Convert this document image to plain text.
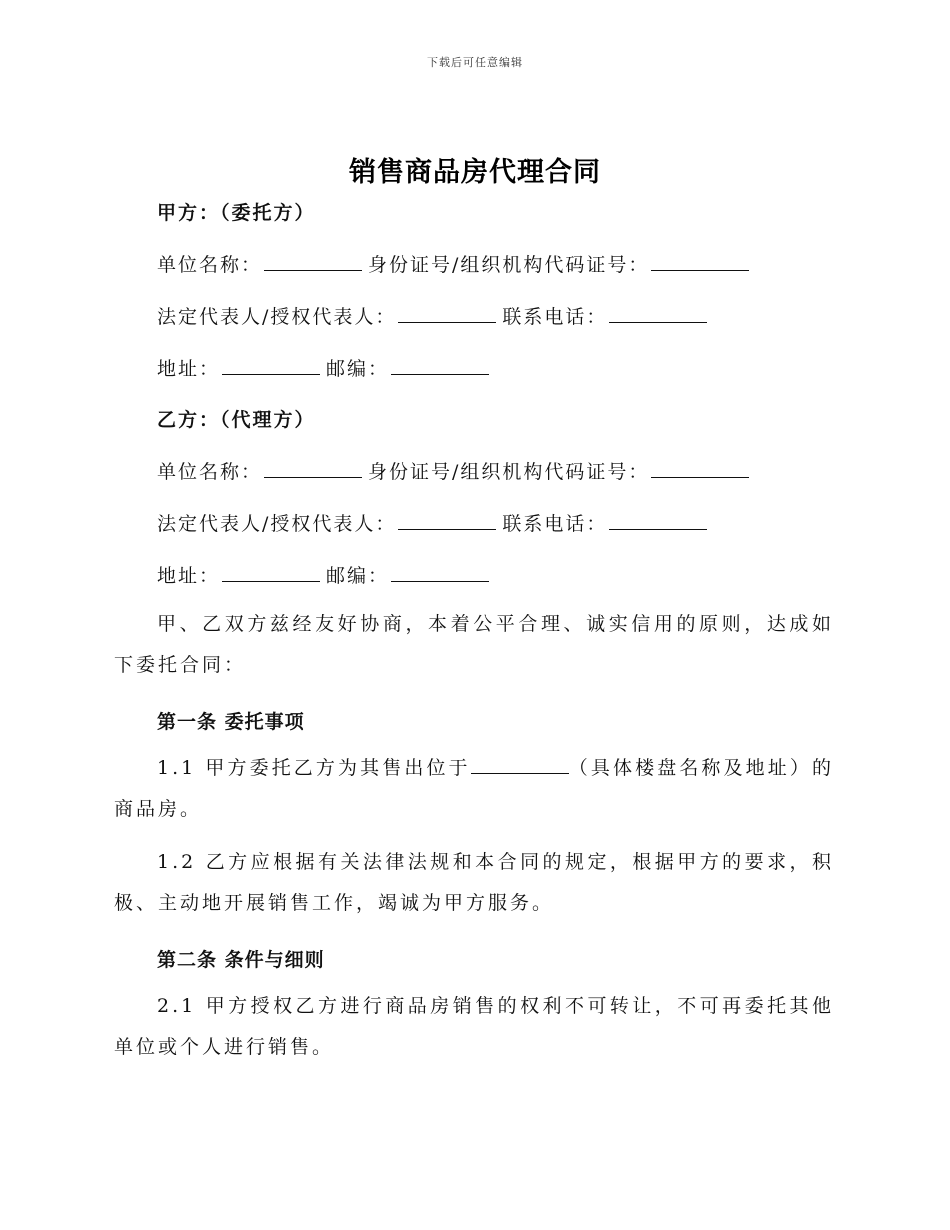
下载后可任意编辑
销售商品房代理合同
甲方：（委托方）
单位名称：	身份证号/组织机构代码证号：
法定代表人/授权代表人：	联系电话：
地址：	邮编：
乙方：（代理方）
单位名称：	身份证号/组织机构代码证号：
法定代表人/授权代表人：	联系电话：
地址：	邮编：
甲、乙双方兹经友好协商，本着公平合理、诚实信用的原则，达成如下委托合同：
第一条 委托事项
1.1 甲方委托乙方为其售出位于	（具体楼盘名称及地址）的商品房。
1.2 乙方应根据有关法律法规和本合同的规定，根据甲方的要求，积极、主动地开展销售工作，竭诚为甲方服务。
第二条 条件与细则
2.1 甲方授权乙方进行商品房销售的权利不可转让，不可再委托其他单位或个人进行销售。
